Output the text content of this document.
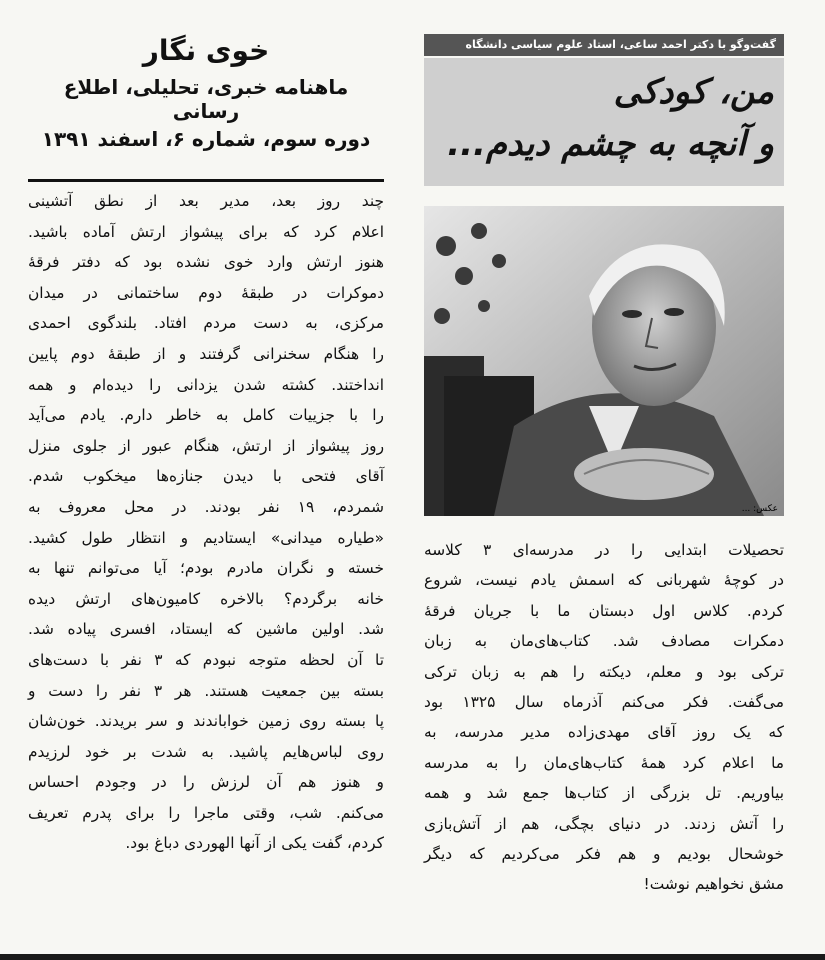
خوی نگار

ماهنامه خبری، تحلیلی، اطلاع رسانی

دوره سوم، شماره ۶، اسفند ۱۳۹۱

چند روز بعد، مدیر بعد از نطق آتشینی

اعلام کرد که برای پیشواز ارتش آماده باشید.

هنوز ارتش وارد خوی نشده بود که دفتر فرقهٔ

دموکرات در طبقهٔ دوم ساختمانی در میدان

مرکزی، به دست مردم افتاد. بلندگوی احمدی

را هنگام سخنرانی گرفتند و از طبقهٔ دوم پایین

انداختند. کشته شدن یزدانی را دیده‌ام و همه

را با جزییات کامل به خاطر دارم. یادم می‌آید

روز پیشواز از ارتش، هنگام عبور از جلوی منزل

آقای فتحی با دیدن جنازه‌ها میخکوب شدم.

شمردم، ۱۹ نفر بودند. در محل معروف به

«طیاره میدانی» ایستادیم و انتظار طول کشید.

خسته و نگران مادرم بودم؛ آیا می‌توانم تنها به

خانه برگردم؟ بالاخره کامیون‌های ارتش دیده

شد. اولین ماشین که ایستاد، افسری پیاده شد.

تا آن لحظه متوجه نبودم که ۳ نفر با دست‌های

بسته بین جمعیت هستند. هر ۳ نفر را دست و

پا بسته روی زمین خواباندند و سر بریدند. خون‌شان

روی لباس‌هایم پاشید. به شدت بر خود لرزیدم

و هنوز هم آن لرزش را در وجودم احساس

می‌کنم. شب، وقتی ماجرا را برای پدرم تعریف

کردم، گفت یکی از آنها الهوردی دباغ بود.

گفت‌وگو با دکتر احمد ساعی، استاد علوم سیاسی دانشگاه

من، کودکی

و آنچه به چشم دیدم...

عکس: ...

تحصیلات ابتدایی را در مدرسه‌ای ۳ کلاسه

در کوچهٔ شهربانی که اسمش یادم نیست، شروع

کردم. کلاس اول دبستان ما با جریان فرقهٔ

دمکرات مصادف شد. کتاب‌های‌مان به زبان

ترکی بود و معلم، دیکته را هم به زبان ترکی

می‌گفت. فکر می‌کنم آذرماه سال ۱۳۲۵ بود

که یک روز آقای مهدی‌زاده مدیر مدرسه، به

ما اعلام کرد همهٔ کتاب‌های‌مان را به مدرسه

بیاوریم. تل بزرگی از کتاب‌ها جمع شد و همه

را آتش زدند. در دنیای بچگی، هم از آتش‌بازی

خوشحال بودیم و هم فکر می‌کردیم که دیگر

مشق نخواهیم نوشت!
